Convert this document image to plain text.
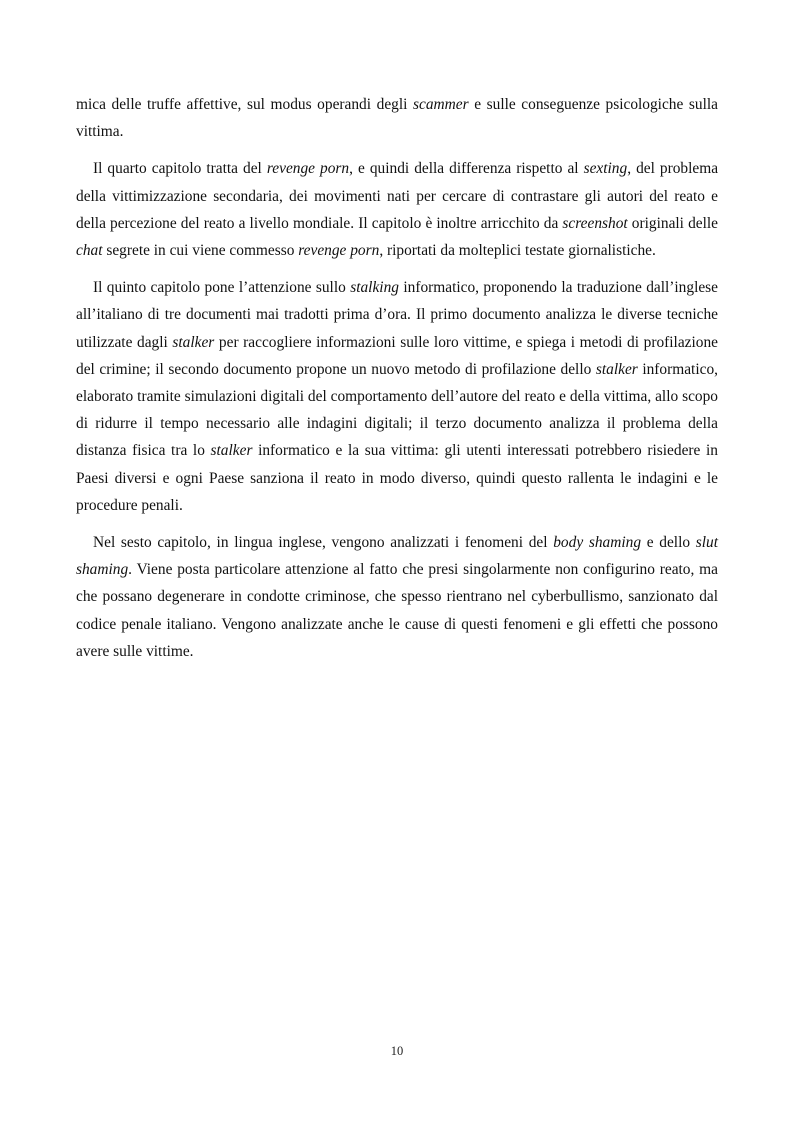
mica delle truffe affettive, sul modus operandi degli scammer e sulle conseguenze psicologiche sulla vittima.

Il quarto capitolo tratta del revenge porn, e quindi della differenza rispetto al sexting, del problema della vittimizzazione secondaria, dei movimenti nati per cercare di contrastare gli autori del reato e della percezione del reato a livello mondiale. Il capitolo è inoltre arricchito da screenshot originali delle chat segrete in cui viene commesso revenge porn, riportati da molteplici testate giornalistiche.

Il quinto capitolo pone l’attenzione sullo stalking informatico, proponendo la traduzione dall’inglese all’italiano di tre documenti mai tradotti prima d’ora. Il primo documento analizza le diverse tecniche utilizzate dagli stalker per raccogliere informazioni sulle loro vittime, e spiega i metodi di profilazione del crimine; il secondo documento propone un nuovo metodo di profilazione dello stalker informatico, elaborato tramite simulazioni digitali del comportamento dell’autore del reato e della vittima, allo scopo di ridurre il tempo necessario alle indagini digitali; il terzo documento analizza il problema della distanza fisica tra lo stalker informatico e la sua vittima: gli utenti interessati potrebbero risiedere in Paesi diversi e ogni Paese sanziona il reato in modo diverso, quindi questo rallenta le indagini e le procedure penali.

Nel sesto capitolo, in lingua inglese, vengono analizzati i fenomeni del body shaming e dello slut shaming. Viene posta particolare attenzione al fatto che presi singolarmente non configurino reato, ma che possano degenerare in condotte criminose, che spesso rientrano nel cyberbullismo, sanzionato dal codice penale italiano. Vengono analizzate anche le cause di questi fenomeni e gli effetti che possono avere sulle vittime.

10
